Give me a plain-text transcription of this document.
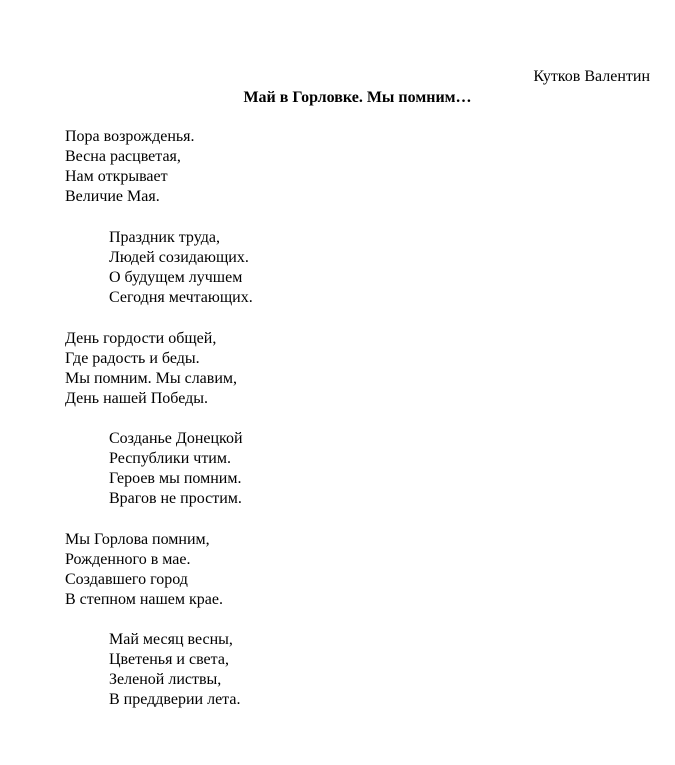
Кутков Валентин
Май в Горловке. Мы помним…
Пора возрожденья.
Весна расцветая,
Нам открывает
Величие Мая.
Праздник труда,
Людей созидающих.
О будущем лучшем
Сегодня мечтающих.
День гордости общей,
Где радость и беды.
Мы помним. Мы славим,
День нашей Победы.
Созданье Донецкой
Республики чтим.
Героев мы помним.
Врагов не простим.
Мы Горлова помним,
Рожденного в мае.
Создавшего город
В степном нашем крае.
Май месяц весны,
Цветенья и света,
Зеленой листвы,
В преддверии лета.
